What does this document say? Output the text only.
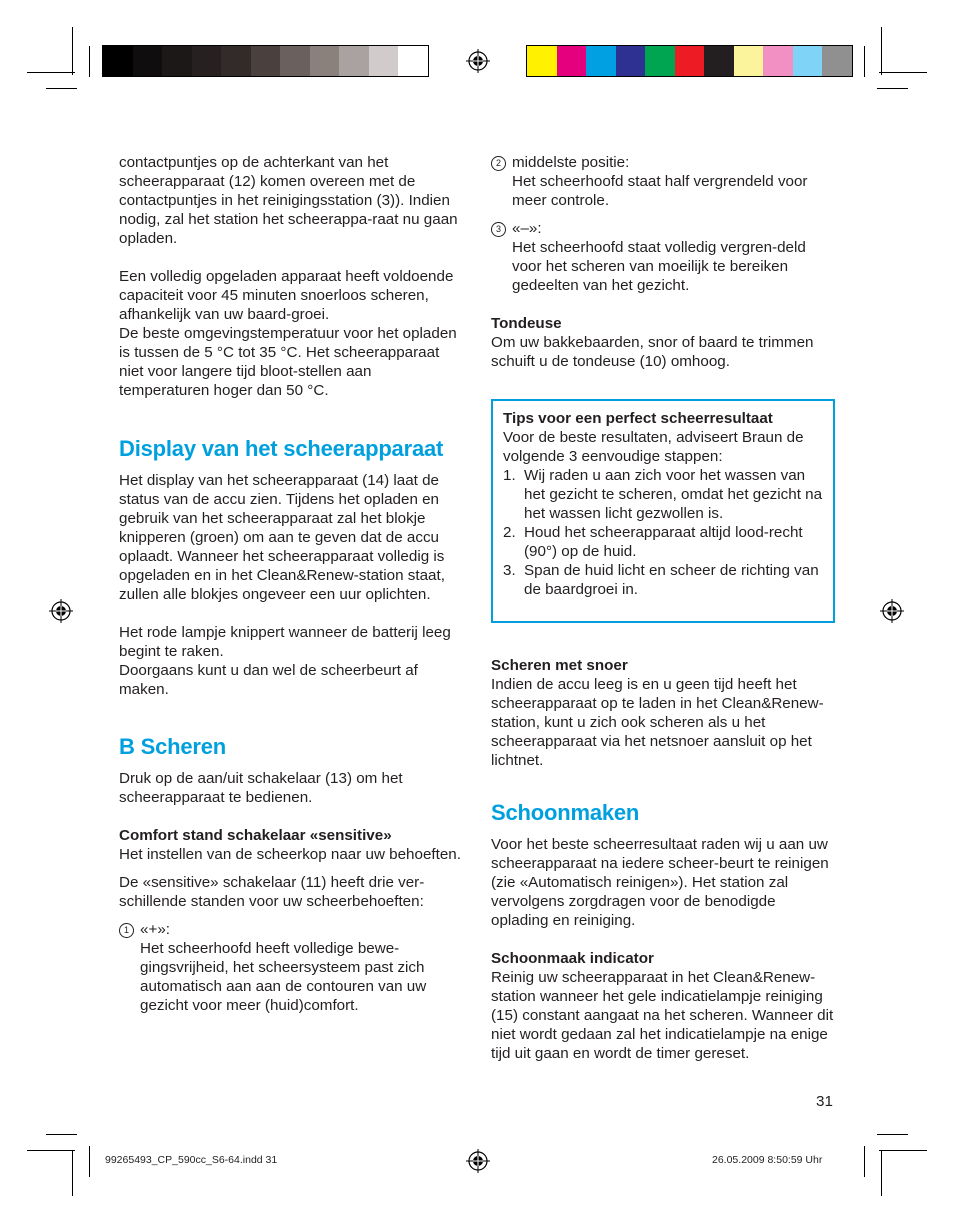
contactpuntjes op de achterkant van het scheerapparaat (12) komen overeen met de contactpuntjes in het reinigingsstation (3)). Indien nodig, zal het station het scheerappa-raat nu gaan opladen.

Een volledig opgeladen apparaat heeft voldoende capaciteit voor 45 minuten snoerloos scheren, afhankelijk van uw baard-groei.

De beste omgevingstemperatuur voor het opladen is tussen de 5 °C tot 35 °C. Het scheerapparaat niet voor langere tijd bloot-stellen aan temperaturen hoger dan 50 °C.

Display van het scheerapparaat

Het display van het scheerapparaat (14) laat de status van de accu zien. Tijdens het opladen en gebruik van het scheerapparaat zal het blokje knipperen (groen) om aan te geven dat de accu oplaadt. Wanneer het scheerapparaat volledig is opgeladen en in het Clean&Renew-station staat, zullen alle blokjes ongeveer een uur oplichten.

Het rode lampje knippert wanneer de batterij leeg begint te raken.

Doorgaans kunt u dan wel de scheerbeurt af maken.

B Scheren

Druk op de aan/uit schakelaar (13) om het scheerapparaat te bedienen.

Comfort stand schakelaar «sensitive»

Het instellen van de scheerkop naar uw behoeften.

De «sensitive» schakelaar (11) heeft drie ver-schillende standen voor uw scheerbehoeften:

1 «+»:

Het scheerhoofd heeft volledige bewe-gingsvrijheid, het scheersysteem past zich automatisch aan aan de contouren van uw gezicht voor meer (huid)comfort.

2 middelste positie:

Het scheerhoofd staat half vergrendeld voor meer controle.

3 «–»:

Het scheerhoofd staat volledig vergren-deld voor het scheren van moeilijk te bereiken gedeelten van het gezicht.

Tondeuse

Om uw bakkebaarden, snor of baard te trimmen schuift u de tondeuse (10) omhoog.

Tips voor een perfect scheerresultaat

Voor de beste resultaten, adviseert Braun de volgende 3 eenvoudige stappen:

1. Wij raden u aan zich voor het wassen van het gezicht te scheren, omdat het gezicht na het wassen licht gezwollen is.
2. Houd het scheerapparaat altijd lood-recht (90°) op de huid.
3. Span de huid licht en scheer de richting van de baardgroei in.

Scheren met snoer

Indien de accu leeg is en u geen tijd heeft het scheerapparaat op te laden in het Clean&Renew-station, kunt u zich ook scheren als u het scheerapparaat via het netsnoer aansluit op het lichtnet.

Schoonmaken

Voor het beste scheerresultaat raden wij u aan uw scheerapparaat na iedere scheer-beurt te reinigen (zie «Automatisch reinigen»). Het station zal vervolgens zorgdragen voor de benodigde oplading en reiniging.

Schoonmaak indicator

Reinig uw scheerapparaat in het Clean&Renew-station wanneer het gele indicatielampje reiniging (15) constant aangaat na het scheren. Wanneer dit niet wordt gedaan zal het indicatielampje na enige tijd uit gaan en wordt de timer gereset.

31
99265493_CP_590cc_S6-64.indd 31	26.05.2009 8:50:59 Uhr
